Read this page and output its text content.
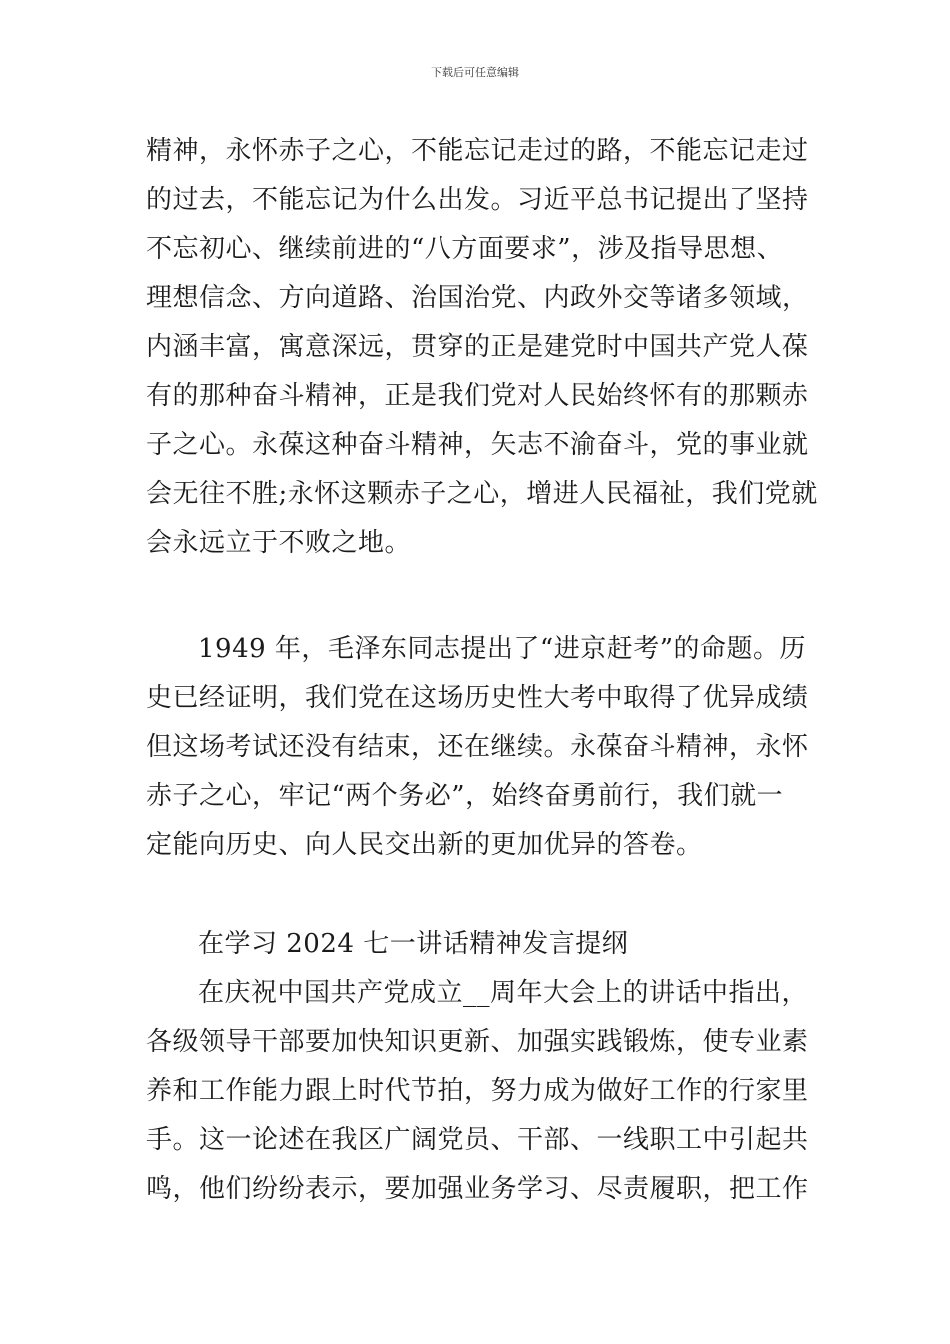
下载后可任意编辑
精神，永怀赤子之心，不能忘记走过的路，不能忘记走过
的过去，不能忘记为什么出发。习近平总书记提出了坚持
不忘初心、继续前进的“八方面要求”，涉及指导思想、
理想信念、方向道路、治国治党、内政外交等诸多领域，
内涵丰富，寓意深远，贯穿的正是建党时中国共产党人葆
有的那种奋斗精神，正是我们党对人民始终怀有的那颗赤
子之心。永葆这种奋斗精神，矢志不渝奋斗，党的事业就
会无往不胜;永怀这颗赤子之心，增进人民福祉，我们党就
会永远立于不败之地。
1949 年，毛泽东同志提出了“进京赶考”的命题。历
史已经证明，我们党在这场历史性大考中取得了优异成绩
但这场考试还没有结束，还在继续。永葆奋斗精神，永怀
赤子之心，牢记“两个务必”，始终奋勇前行，我们就一
定能向历史、向人民交出新的更加优异的答卷。
在学习 2024 七一讲话精神发言提纲
在庆祝中国共产党成立__周年大会上的讲话中指出，
各级领导干部要加快知识更新、加强实践锻炼，使专业素
养和工作能力跟上时代节拍，努力成为做好工作的行家里
手。这一论述在我区广阔党员、干部、一线职工中引起共
鸣，他们纷纷表示，要加强业务学习、尽责履职，把工作
